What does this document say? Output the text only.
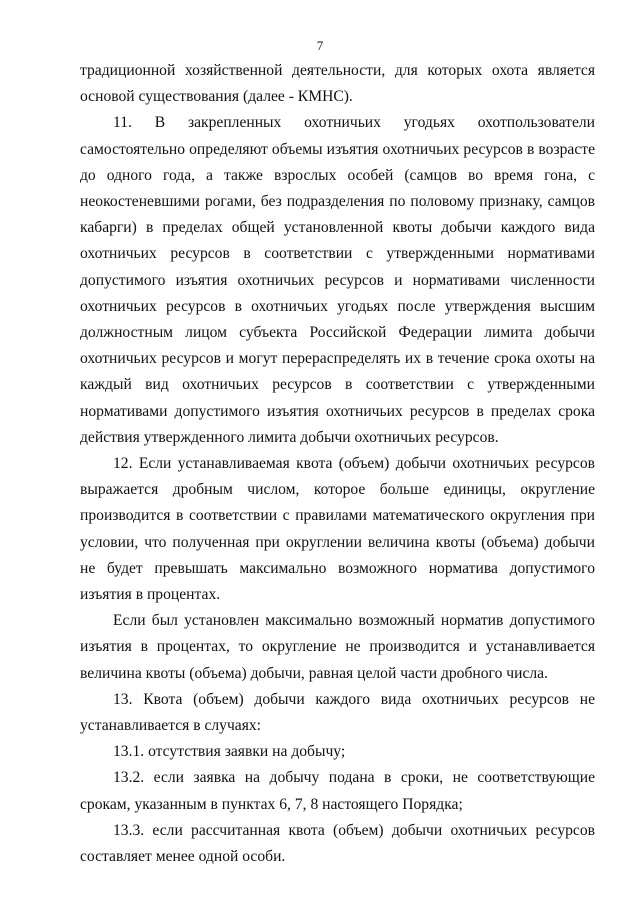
7

традиционной хозяйственной деятельности, для которых охота является основой существования (далее - КМНС).

11. В закрепленных охотничьих угодьях охотпользователи самостоятельно определяют объемы изъятия охотничьих ресурсов в возрасте до одного года, а также взрослых особей (самцов во время гона, с неокостеневшими рогами, без подразделения по половому признаку, самцов кабарги) в пределах общей установленной квоты добычи каждого вида охотничьих ресурсов в соответствии с утвержденными нормативами допустимого изъятия охотничьих ресурсов и нормативами численности охотничьих ресурсов в охотничьих угодьях после утверждения высшим должностным лицом субъекта Российской Федерации лимита добычи охотничьих ресурсов и могут перераспределять их в течение срока охоты на каждый вид охотничьих ресурсов в соответствии с утвержденными нормативами допустимого изъятия охотничьих ресурсов в пределах срока действия утвержденного лимита добычи охотничьих ресурсов.

12. Если устанавливаемая квота (объем) добычи охотничьих ресурсов выражается дробным числом, которое больше единицы, округление производится в соответствии с правилами математического округления при условии, что полученная при округлении величина квоты (объема) добычи не будет превышать максимально возможного норматива допустимого изъятия в процентах.

Если был установлен максимально возможный норматив допустимого изъятия в процентах, то округление не производится и устанавливается величина квоты (объема) добычи, равная целой части дробного числа.

13. Квота (объем) добычи каждого вида охотничьих ресурсов не устанавливается в случаях:

13.1. отсутствия заявки на добычу;

13.2. если заявка на добычу подана в сроки, не соответствующие срокам, указанным в пунктах 6, 7, 8 настоящего Порядка;

13.3. если рассчитанная квота (объем) добычи охотничьих ресурсов составляет менее одной особи.
